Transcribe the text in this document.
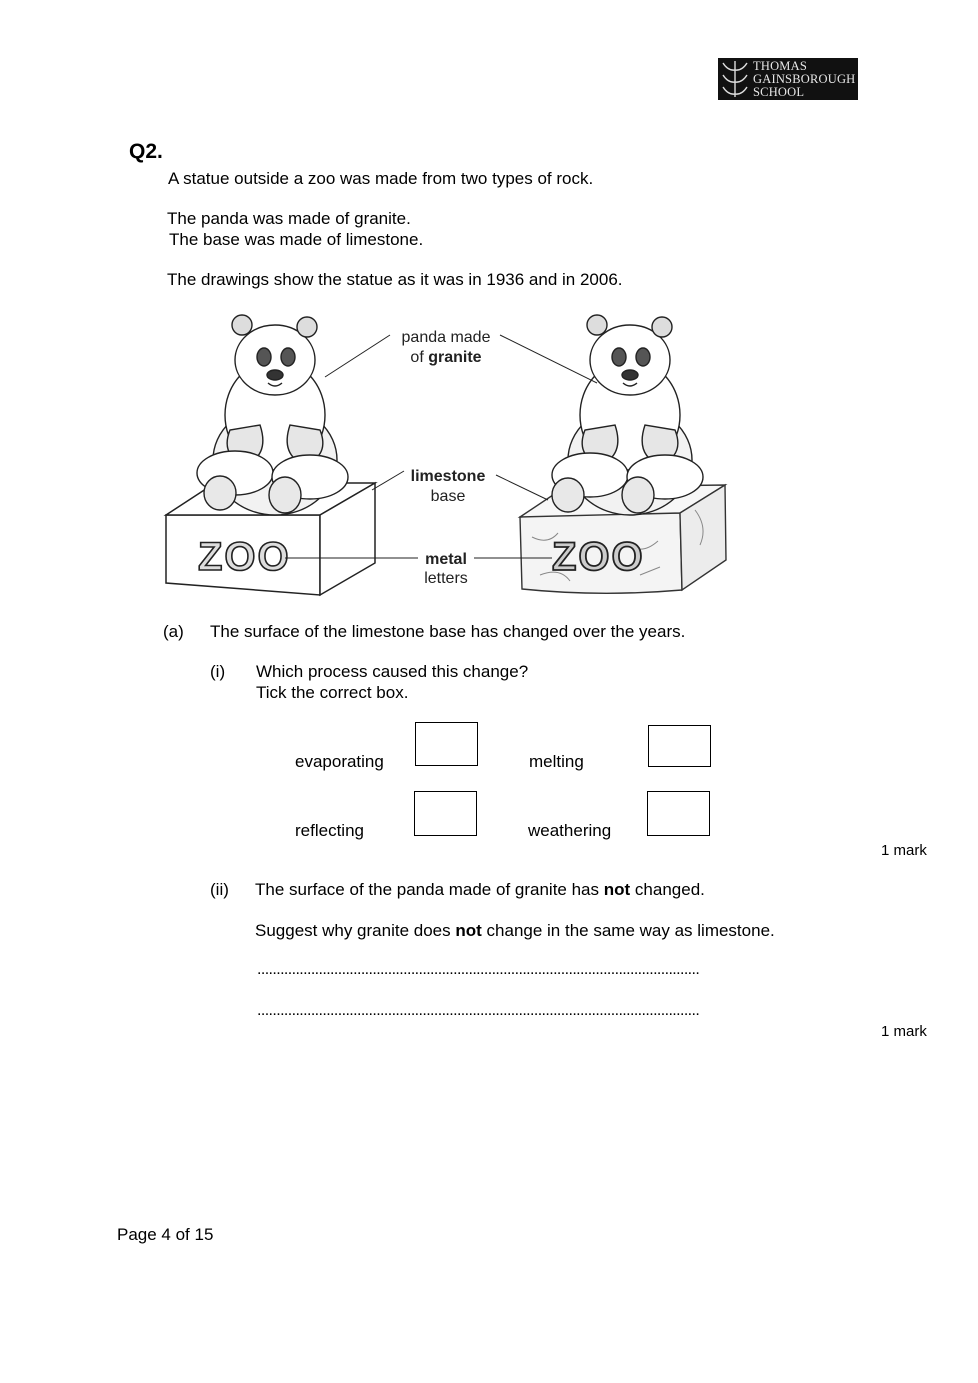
THOMAS
GAINSBOROUGH
SCHOOL
Q2.
A statue outside a zoo was made from two types of rock.
The panda was made of granite.
The base was made of limestone.
The drawings show the statue as it was in 1936 and in 2006.
ZOO	ZOO
panda made
of granite
limestone
base
metal
letters
(a) The surface of the limestone base has changed over the years.
(i) Which process caused this change?
Tick the correct box.
evaporating	melting
reflecting	weathering
1 mark
(ii) The surface of the panda made of granite has not changed.
Suggest why granite does not change in the same way as limestone.
...................................................................................................................
...................................................................................................................
1 mark
Page 4 of 15
